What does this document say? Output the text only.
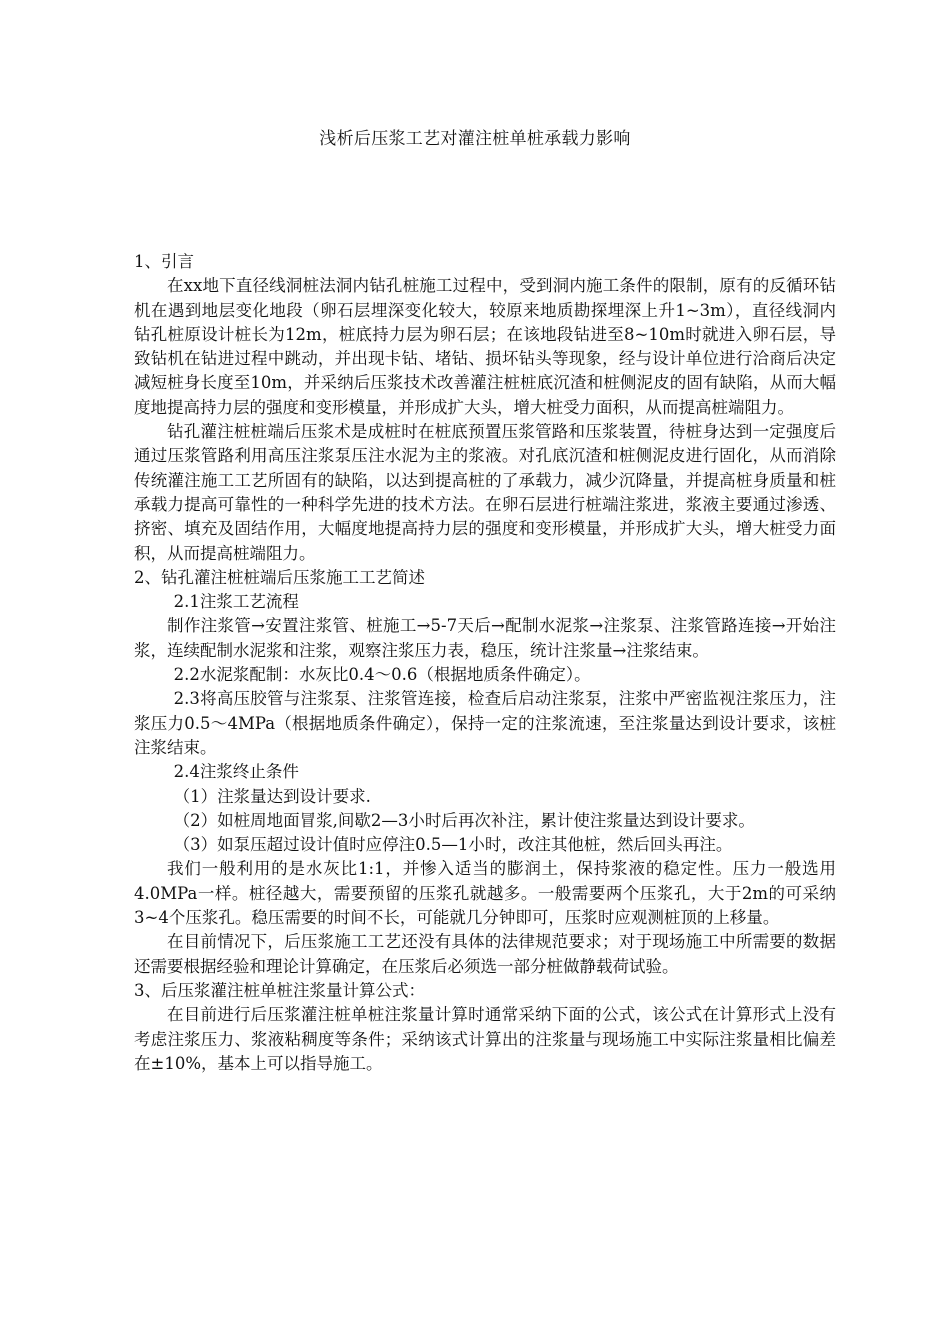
浅析后压浆工艺对灌注桩单桩承载力影响

1、引言

在xx地下直径线洞桩法洞内钻孔桩施工过程中，受到洞内施工条件的限制，原有的反循环钻机在遇到地层变化地段（卵石层埋深变化较大，较原来地质勘探埋深上升1~3m），直径线洞内钻孔桩原设计桩长为12m，桩底持力层为卵石层；在该地段钻进至8~10m时就进入卵石层，导致钻机在钻进过程中跳动，并出现卡钻、堵钻、损坏钻头等现象，经与设计单位进行洽商后决定减短桩身长度至10m，并采纳后压浆技术改善灌注桩桩底沉渣和桩侧泥皮的固有缺陷，从而大幅度地提高持力层的强度和变形模量，并形成扩大头，增大桩受力面积，从而提高桩端阻力。

钻孔灌注桩桩端后压浆术是成桩时在桩底预置压浆管路和压浆装置，待桩身达到一定强度后通过压浆管路利用高压注浆泵压注水泥为主的浆液。对孔底沉渣和桩侧泥皮进行固化，从而消除传统灌注施工工艺所固有的缺陷，以达到提高桩的了承载力，减少沉降量，并提高桩身质量和桩承载力提高可靠性的一种科学先进的技术方法。在卵石层进行桩端注浆进，浆液主要通过渗透、挤密、填充及固结作用，大幅度地提高持力层的强度和变形模量，并形成扩大头，增大桩受力面积，从而提高桩端阻力。

2、钻孔灌注桩桩端后压浆施工工艺简述

2.1注浆工艺流程

制作注浆管→安置注浆管、桩施工→5-7天后→配制水泥浆→注浆泵、注浆管路连接→开始注浆，连续配制水泥浆和注浆，观察注浆压力表，稳压，统计注浆量→注浆结束。

2.2水泥浆配制：水灰比0.4～0.6（根据地质条件确定）。

2.3将高压胶管与注浆泵、注浆管连接，检查后启动注浆泵，注浆中严密监视注浆压力，注浆压力0.5～4MPa（根据地质条件确定），保持一定的注浆流速，至注浆量达到设计要求，该桩注浆结束。

2.4注浆终止条件

（1）注浆量达到设计要求.

（2）如桩周地面冒浆,间歇2—3小时后再次补注，累计使注浆量达到设计要求。

（3）如泵压超过设计值时应停注0.5—1小时，改注其他桩，然后回头再注。

我们一般利用的是水灰比1:1，并惨入适当的膨润土，保持浆液的稳定性。压力一般选用4.0MPa一样。桩径越大，需要预留的压浆孔就越多。一般需要两个压浆孔，大于2m的可采纳3~4个压浆孔。稳压需要的时间不长，可能就几分钟即可，压浆时应观测桩顶的上移量。

在目前情况下，后压浆施工工艺还没有具体的法律规范要求；对于现场施工中所需要的数据还需要根据经验和理论计算确定，在压浆后必须选一部分桩做静载荷试验。

3、后压浆灌注桩单桩注浆量计算公式：

在目前进行后压浆灌注桩单桩注浆量计算时通常采纳下面的公式，该公式在计算形式上没有考虑注浆压力、浆液粘稠度等条件；采纳该式计算出的注浆量与现场施工中实际注浆量相比偏差在±10%，基本上可以指导施工。
